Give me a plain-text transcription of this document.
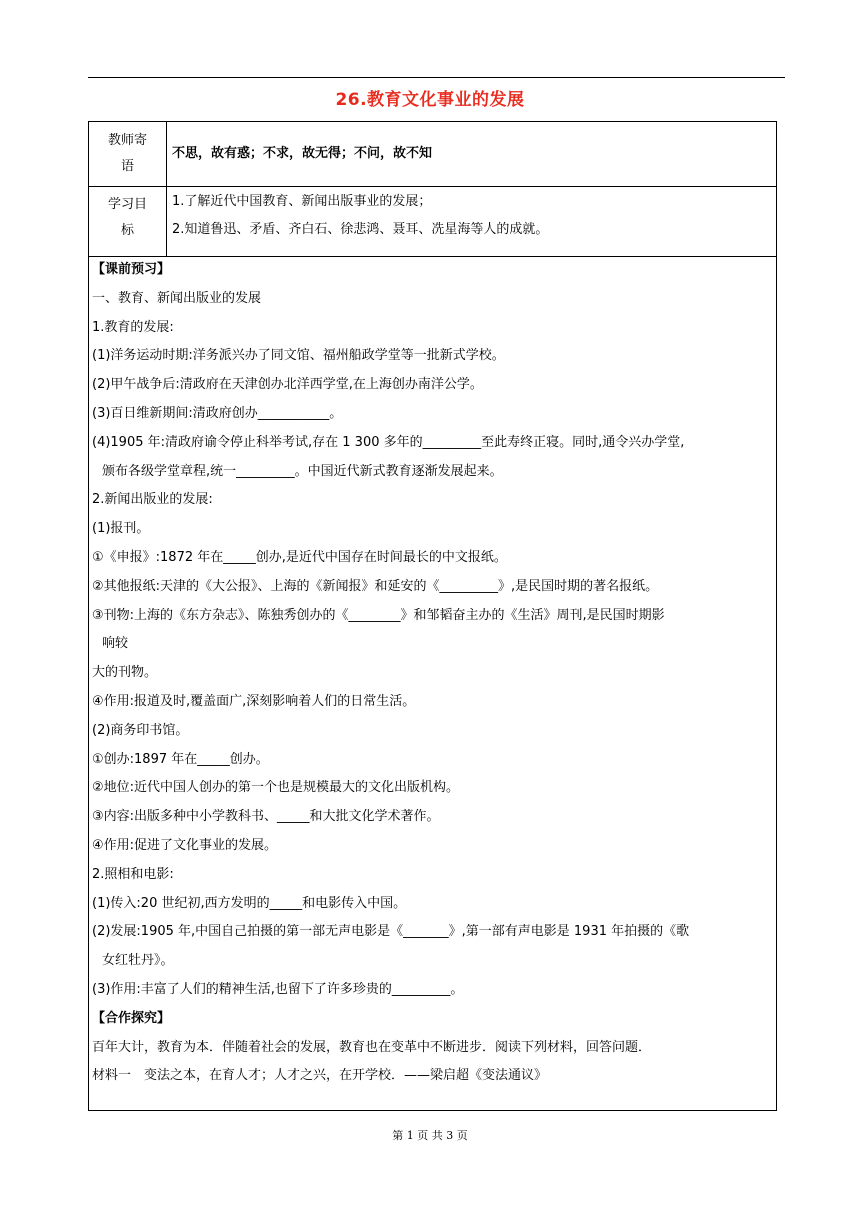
26.教育文化事业的发展
教师寄
语
不思，故有惑；不求，故无得；不问，故不知
学习目
标
1.了解近代中国教育、新闻出版事业的发展；
2.知道鲁迅、矛盾、齐白石、徐悲鸿、聂耳、冼星海等人的成就。
【课前预习】
一、教育、新闻出版业的发展
1.教育的发展:
(1)洋务运动时期:洋务派兴办了同文馆、福州船政学堂等一批新式学校。
(2)甲午战争后:清政府在天津创办北洋西学堂,在上海创办南洋公学。
(3)百日维新期间:清政府创办___________。
(4)1905 年:清政府谕令停止科举考试,存在 1 300 多年的_________至此寿终正寝。同时,通令兴办学堂,
颁布各级学堂章程,统一_________。中国近代新式教育逐渐发展起来。
2.新闻出版业的发展:
(1)报刊。
①《申报》:1872 年在_____创办,是近代中国存在时间最长的中文报纸。
②其他报纸:天津的《大公报》、上海的《新闻报》和延安的《_________》,是民国时期的著名报纸。
③刊物:上海的《东方杂志》、陈独秀创办的《________》和邹韬奋主办的《生活》周刊,是民国时期影
响较
大的刊物。
④作用:报道及时,覆盖面广,深刻影响着人们的日常生活。
(2)商务印书馆。
①创办:1897 年在_____创办。
②地位:近代中国人创办的第一个也是规模最大的文化出版机构。
③内容:出版多种中小学教科书、_____和大批文化学术著作。
④作用:促进了文化事业的发展。
2.照相和电影:
(1)传入:20 世纪初,西方发明的_____和电影传入中国。
(2)发展:1905 年,中国自己拍摄的第一部无声电影是《_______》,第一部有声电影是 1931 年拍摄的《歌
女红牡丹》。
(3)作用:丰富了人们的精神生活,也留下了许多珍贵的_________。
【合作探究】
百年大计，教育为本．伴随着社会的发展，教育也在变革中不断进步．阅读下列材料，回答问题．
材料一　变法之本，在育人才；人才之兴，在开学校．——梁启超《变法通议》
第 1 页 共 3 页
